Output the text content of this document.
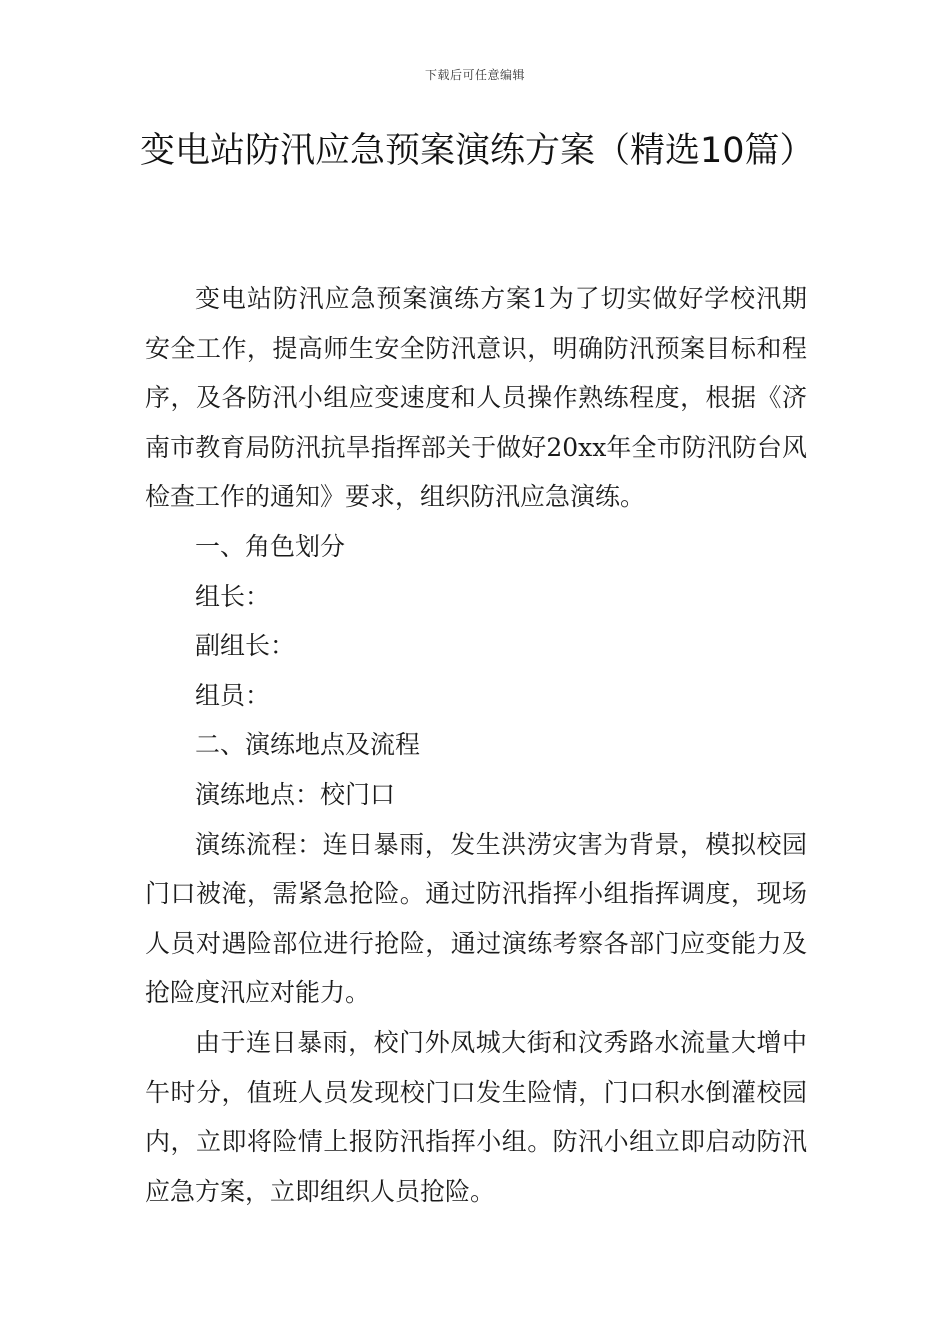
下载后可任意编辑
变电站防汛应急预案演练方案（精选10篇）

变电站防汛应急预案演练方案1为了切实做好学校汛期安全工作，提高师生安全防汛意识，明确防汛预案目标和程序，及各防汛小组应变速度和人员操作熟练程度，根据《济南市教育局防汛抗旱指挥部关于做好20xx年全市防汛防台风检查工作的通知》要求，组织防汛应急演练。

一、角色划分

组长：

副组长：

组员：

二、演练地点及流程

演练地点：校门口

演练流程：连日暴雨，发生洪涝灾害为背景，模拟校园门口被淹，需紧急抢险。通过防汛指挥小组指挥调度，现场人员对遇险部位进行抢险，通过演练考察各部门应变能力及抢险度汛应对能力。

由于连日暴雨，校门外凤城大街和汶秀路水流量大增中午时分，值班人员发现校门口发生险情，门口积水倒灌校园内，立即将险情上报防汛指挥小组。防汛小组立即启动防汛应急方案，立即组织人员抢险。
